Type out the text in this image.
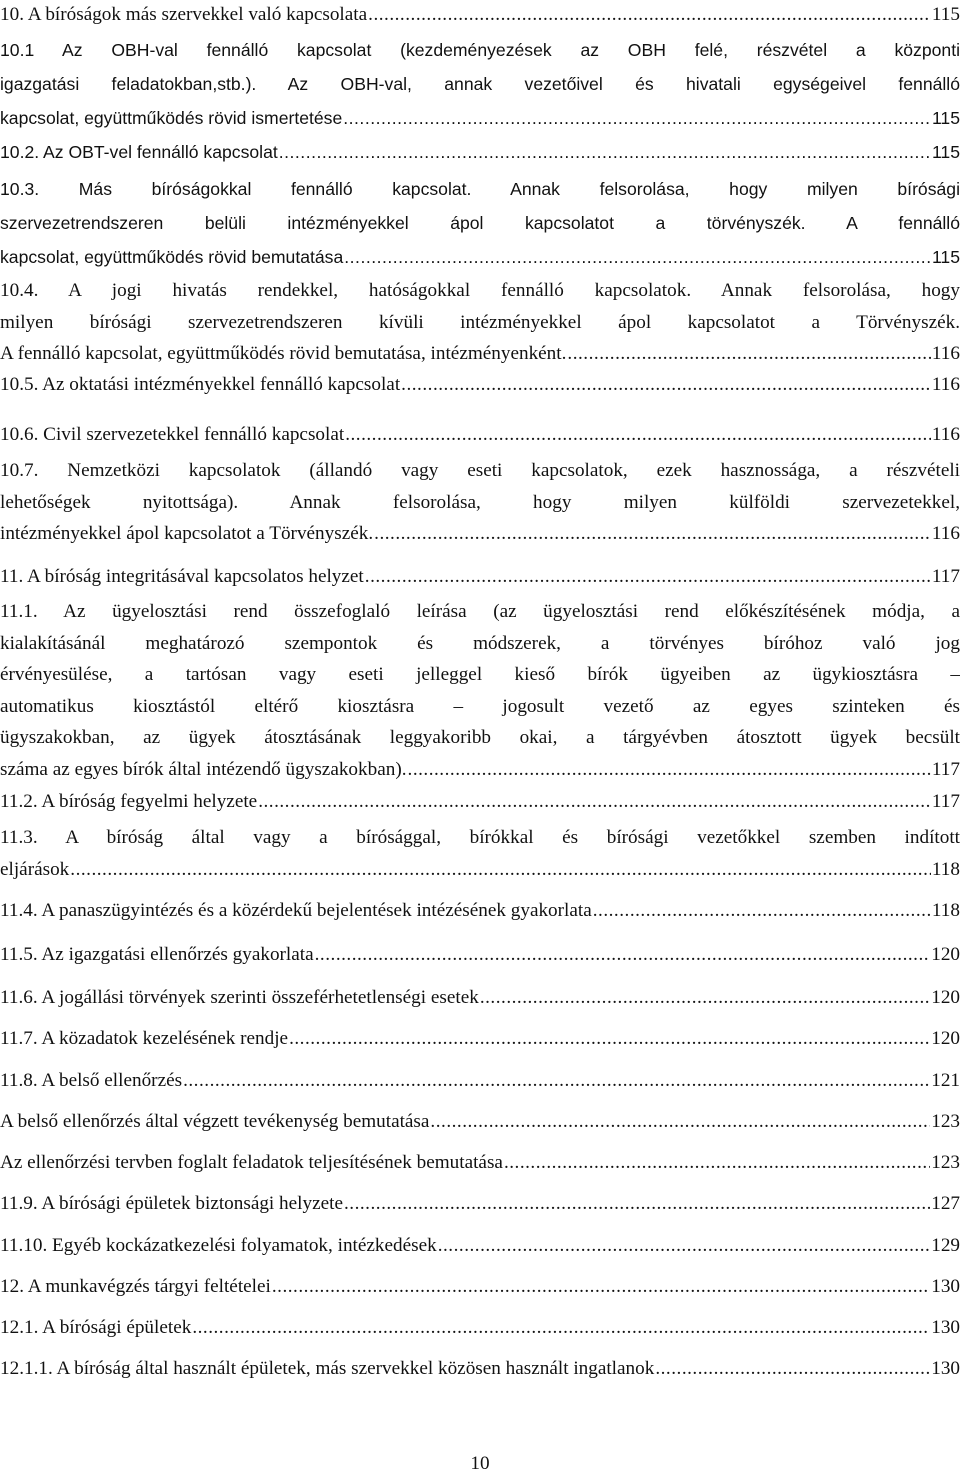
10. A bíróságok más szervekkel való kapcsolata .....	115
10.1 Az OBH-val fennálló kapcsolat (kezdeményezések az OBH felé, részvétel a központi
igazgatási feladatokban,stb.). Az OBH-val, annak vezetőivel és hivatali egységeivel fennálló
kapcsolat, együttműködés rövid ismertetése .....	115
10.2. Az OBT-vel fennálló kapcsolat .....	115
10.3. Más bíróságokkal fennálló kapcsolat. Annak felsorolása, hogy milyen bírósági
szervezetrendszeren belüli intézményekkel ápol kapcsolatot a törvényszék. A fennálló
kapcsolat, együttműködés rövid bemutatása .....	115
10.4. A jogi hivatás rendekkel, hatóságokkal fennálló kapcsolatok. Annak felsorolása, hogy
milyen bírósági szervezetrendszeren kívüli intézményekkel ápol kapcsolatot a Törvényszék.
A fennálló kapcsolat, együttműködés rövid bemutatása, intézményenként. .....	116
10.5. Az oktatási intézményekkel fennálló kapcsolat .....	116
10.6. Civil szervezetekkel fennálló kapcsolat .....	116
10.7. Nemzetközi kapcsolatok (állandó vagy eseti kapcsolatok, ezek hasznossága, a részvételi
lehetőségek nyitottsága). Annak felsorolása, hogy milyen külföldi szervezetekkel,
intézményekkel ápol kapcsolatot a Törvényszék. .....	116
11. A bíróság integritásával kapcsolatos helyzet .....	117
11.1. Az ügyelosztási rend összefoglaló leírása (az ügyelosztási rend előkészítésének módja, a
kialakításánál meghatározó szempontok és módszerek, a törvényes bíróhoz való jog
érvényesülése, a tartósan vagy eseti jelleggel kieső bírók ügyeiben az ügykiosztásra –
automatikus kiosztástól eltérő kiosztásra – jogosult vezető az egyes szinteken és
ügyszakokban, az ügyek átosztásának leggyakoribb okai, a tárgyévben átosztott ügyek becsült
száma az egyes bírók által intézendő ügyszakokban). .....	117
11.2. A bíróság fegyelmi helyzete .....	117
11.3. A bíróság által vagy a bírósággal, bírókkal és bírósági vezetőkkel szemben indított
eljárások .....	118
11.4. A panaszügyintézés és a közérdekű bejelentések intézésének gyakorlata .....	118
11.5. Az igazgatási ellenőrzés gyakorlata .....	120
11.6. A jogállási törvények szerinti összeférhetetlenségi esetek .....	120
11.7. A közadatok kezelésének rendje .....	120
11.8. A belső ellenőrzés .....	121
A belső ellenőrzés által végzett tevékenység bemutatása .....	123
Az ellenőrzési tervben foglalt feladatok teljesítésének bemutatása .....	123
11.9. A bírósági épületek biztonsági helyzete .....	127
11.10. Egyéb kockázatkezelési folyamatok, intézkedések .....	129
12. A munkavégzés tárgyi feltételei .....	130
12.1. A bírósági épületek .....	130
12.1.1. A bíróság által használt épületek, más szervekkel közösen használt ingatlanok .....	130
10
